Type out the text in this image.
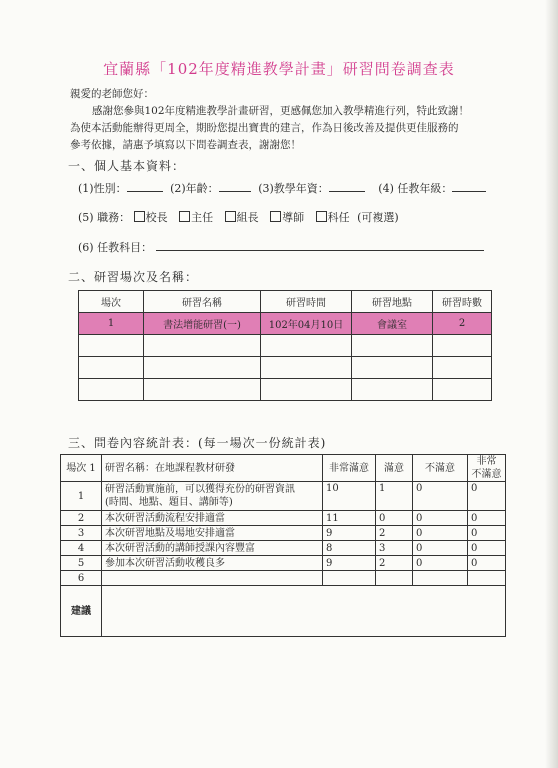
宜蘭縣「102年度精進教學計畫」研習問卷調查表
親愛的老師您好：
感謝您參與102年度精進教學計畫研習，更感佩您加入教學精進行列，特此致謝！
為使本活動能辦得更周全，期盼您提出寶貴的建言，作為日後改善及提供更佳服務的
參考依據，請惠予填寫以下問卷調查表，謝謝您！
一、個人基本資料：
(1)性別：	(2)年齡：	(3)教學年資：	(4) 任教年級：
(5) 職務： 校長 主任 組長 導師 科任 (可複選)
(6) 任教科目：
二、研習場次及名稱：
場次	研習名稱	研習時間	研習地點	研習時數
1	書法增能研習(一)	102年04月10日	會議室	2

三、問卷內容統計表：(每一場次一份統計表)
場次 1	研習名稱：在地課程教材研發	非常滿意	滿意	不滿意	非常
不滿意
1	研習活動實施前，可以獲得充份的研習資訊
(時間、地點、題目、講師等)	10	1	0	0
2	本次研習活動流程安排適當	11	0	0	0
3	本次研習地點及場地安排適當	9	2	0	0
4	本次研習活動的講師授課內容豐富	8	3	0	0
5	參加本次研習活動收穫良多	9	2	0	0
6					
建議					
